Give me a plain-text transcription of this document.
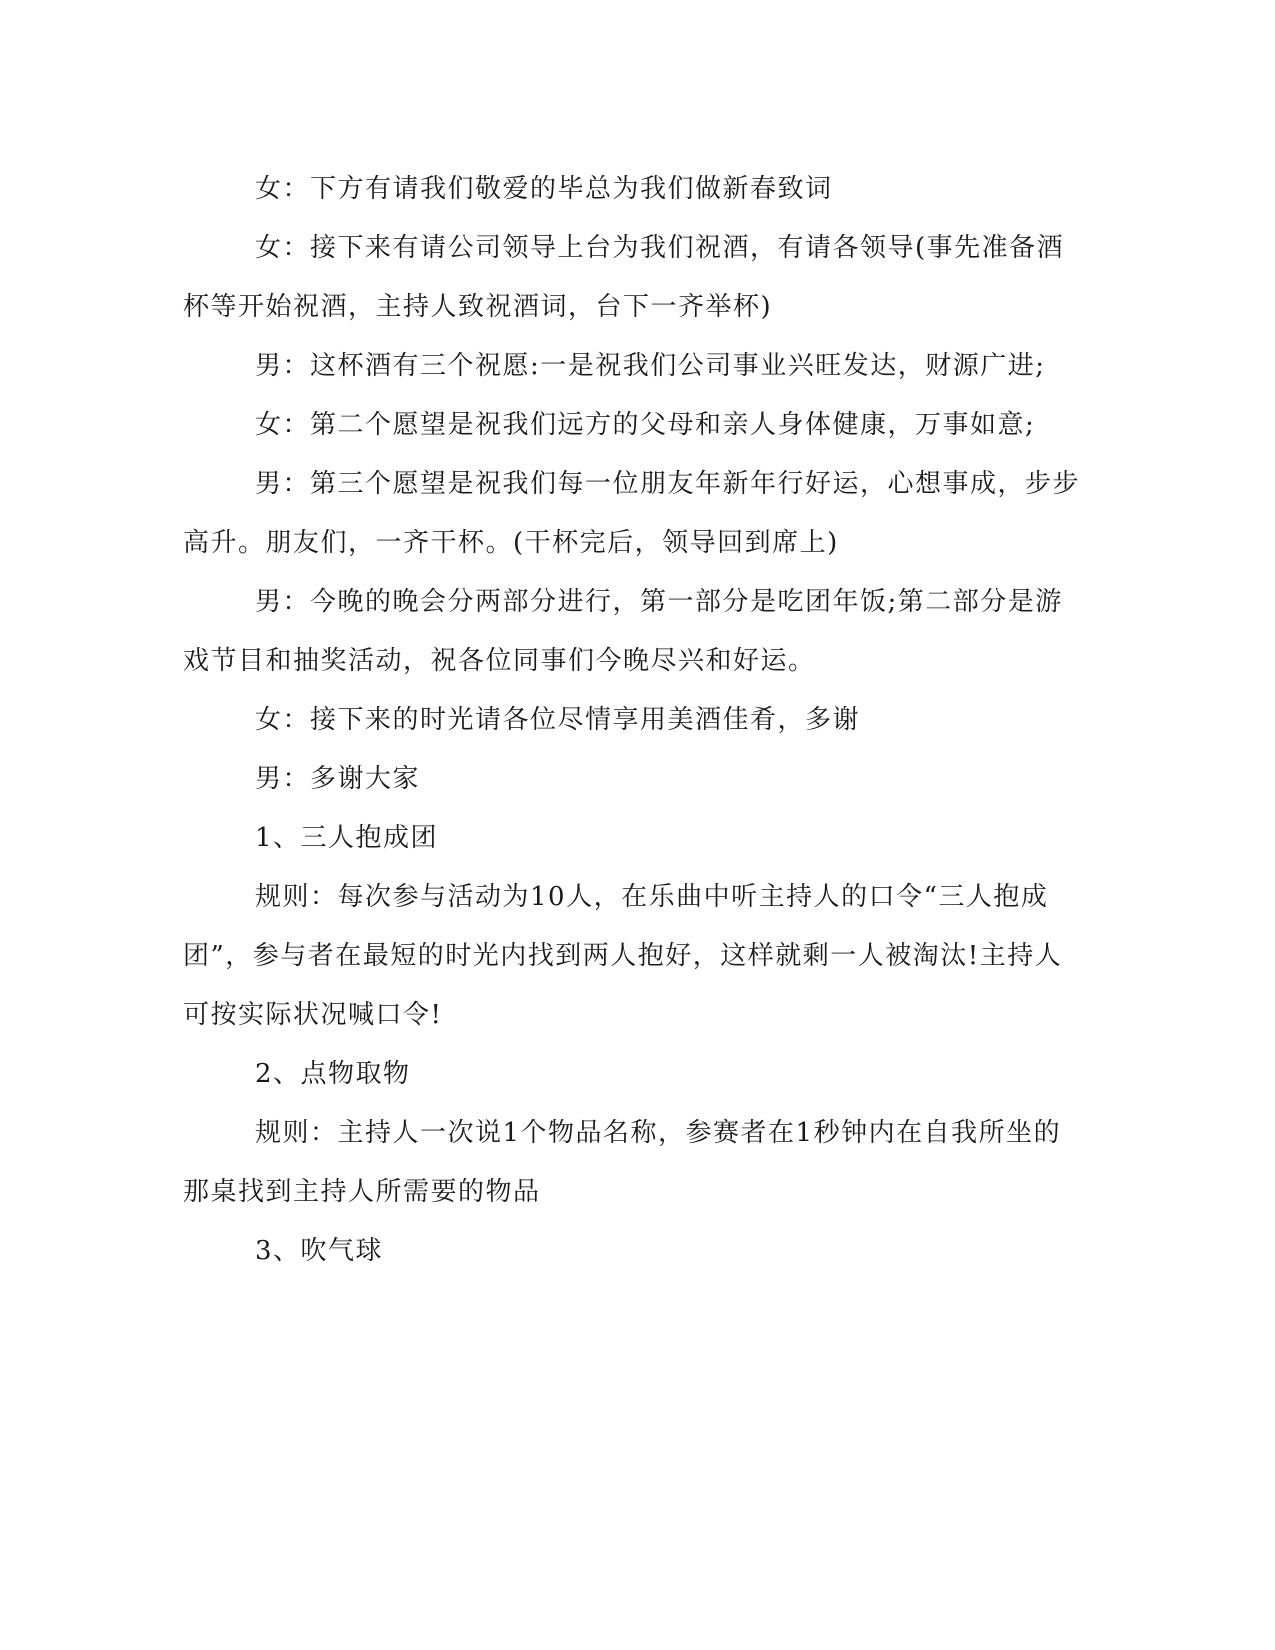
女：下方有请我们敬爱的毕总为我们做新春致词

女：接下来有请公司领导上台为我们祝酒，有请各领导(事先准备酒杯等开始祝酒，主持人致祝酒词，台下一齐举杯)

男：这杯酒有三个祝愿:一是祝我们公司事业兴旺发达，财源广进;

女：第二个愿望是祝我们远方的父母和亲人身体健康，万事如意;

男：第三个愿望是祝我们每一位朋友年新年行好运，心想事成，步步高升。朋友们，一齐干杯。(干杯完后，领导回到席上)

男：今晚的晚会分两部分进行，第一部分是吃团年饭;第二部分是游戏节目和抽奖活动，祝各位同事们今晚尽兴和好运。

女：接下来的时光请各位尽情享用美酒佳肴，多谢

男：多谢大家

1、三人抱成团

规则：每次参与活动为10人，在乐曲中听主持人的口令“三人抱成团”，参与者在最短的时光内找到两人抱好，这样就剩一人被淘汰!主持人可按实际状况喊口令!

2、点物取物

规则：主持人一次说1个物品名称，参赛者在1秒钟内在自我所坐的那桌找到主持人所需要的物品

3、吹气球
